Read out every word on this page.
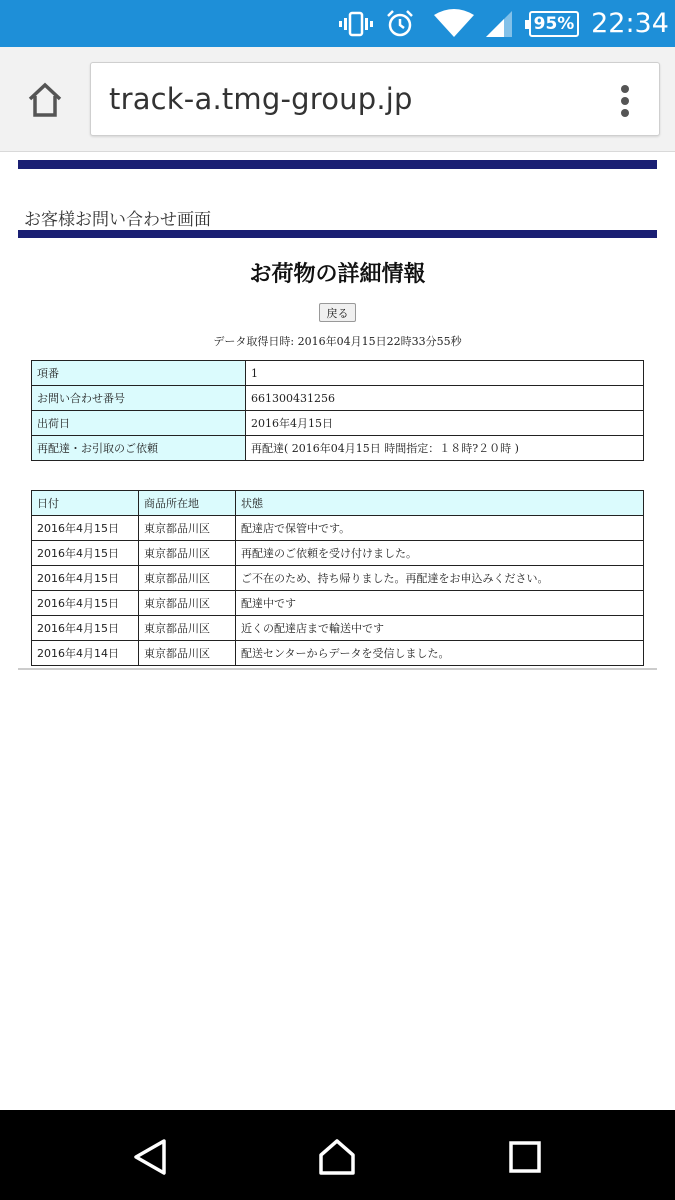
95% 22:34
track-a.tmg-group.jp
お客様お問い合わせ画面
お荷物の詳細情報
戻る
データ取得日時: 2016年04月15日22時33分55秒
項番	1
お問い合わせ番号	661300431256
出荷日	2016年4月15日
再配達・お引取のご依頼	再配達( 2016年04月15日 時間指定：１８時?２０時 )
日付	商品所在地	状態
2016年4月15日	東京都品川区	配達店で保管中です。
2016年4月15日	東京都品川区	再配達のご依頼を受け付けました。
2016年4月15日	東京都品川区	ご不在のため、持ち帰りました。再配達をお申込みください。
2016年4月15日	東京都品川区	配達中です
2016年4月15日	東京都品川区	近くの配達店まで輸送中です
2016年4月14日	東京都品川区	配送センターからデータを受信しました。
